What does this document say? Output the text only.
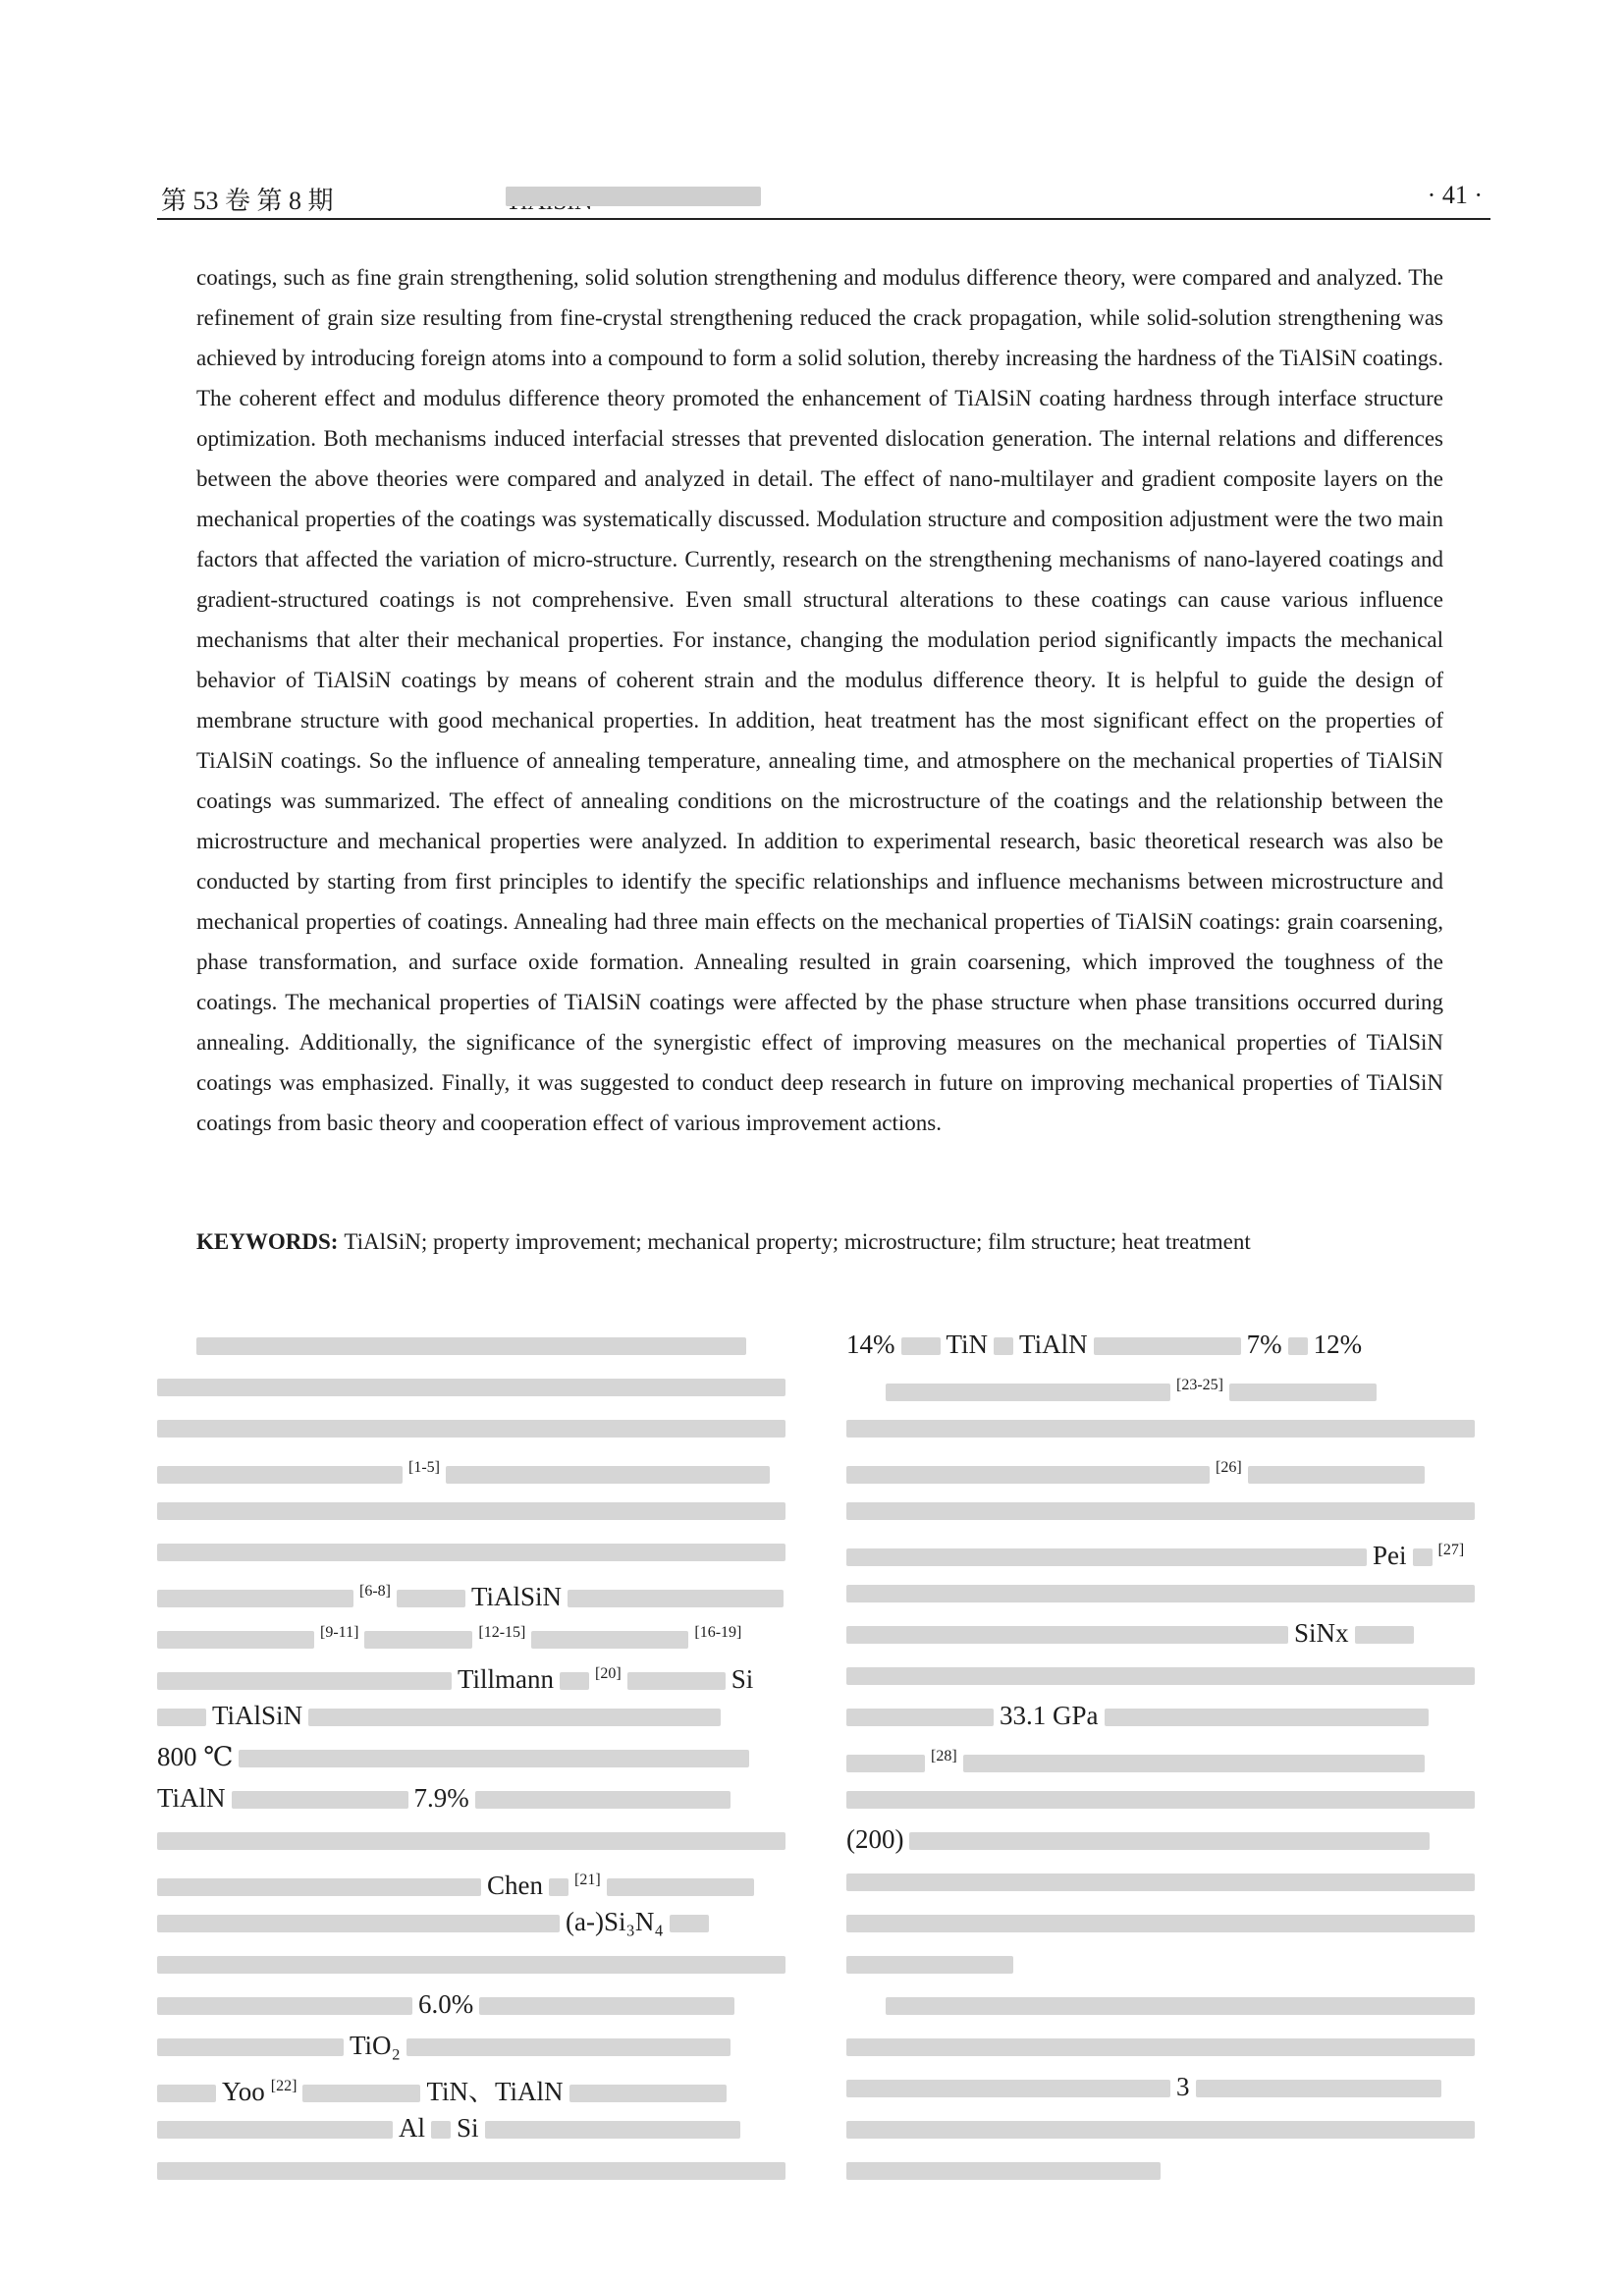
第 53 卷 第 8 期	· 41 ·
coatings, such as fine grain strengthening, solid solution strengthening and modulus difference theory, were compared and analyzed. The refinement of grain size resulting from fine-crystal strengthening reduced the crack propagation, while solid-solution strengthening was achieved by introducing foreign atoms into a compound to form a solid solution, thereby increasing the hardness of the TiAlSiN coatings. The coherent effect and modulus difference theory promoted the enhancement of TiAlSiN coating hardness through interface structure optimization. Both mechanisms induced interfacial stresses that prevented dislocation generation. The internal relations and differences between the above theories were compared and analyzed in detail. The effect of nano-multilayer and gradient composite layers on the mechanical properties of the coatings was systematically discussed. Modulation structure and composition adjustment were the two main factors that affected the variation of micro-structure. Currently, research on the strengthening mechanisms of nano-layered coatings and gradient-structured coatings is not comprehensive. Even small structural alterations to these coatings can cause various influence mechanisms that alter their mechanical properties. For instance, changing the modulation period significantly impacts the mechanical behavior of TiAlSiN coatings by means of coherent strain and the modulus difference theory. It is helpful to guide the design of membrane structure with good mechanical properties. In addition, heat treatment has the most significant effect on the properties of TiAlSiN coatings. So the influence of annealing temperature, annealing time, and atmosphere on the mechanical properties of TiAlSiN coatings was summarized. The effect of annealing conditions on the microstructure of the coatings and the relationship between the microstructure and mechanical properties were analyzed. In addition to experimental research, basic theoretical research was also be conducted by starting from first principles to identify the specific relationships and influence mechanisms between microstructure and mechanical properties of coatings. Annealing had three main effects on the mechanical properties of TiAlSiN coatings: grain coarsening, phase transformation, and surface oxide formation. Annealing resulted in grain coarsening, which improved the toughness of the coatings. The mechanical properties of TiAlSiN coatings were affected by the phase structure when phase transitions occurred during annealing. Additionally, the significance of the synergistic effect of improving measures on the mechanical properties of TiAlSiN coatings was emphasized. Finally, it was suggested to conduct deep research in future on improving mechanical properties of TiAlSiN coatings from basic theory and cooperation effect of various improvement actions.
KEYWORDS: TiAlSiN; property improvement; mechanical property; microstructure; film structure; heat treatment
[1-5]
[6-8]	TiAlSiN
[9-11]	[12-15]	[16-19]
Tillmann	[20]	Si
TiAlSiN
800 ℃
TiAlN	7.9%
Chen [21]
(a-)Si₃N₄
6.0%
TiO₂
Yoo [22]	TiN、TiAlN
Al Si
14% TiN TiAlN	7% 12%
[23-25]
[26]
Pei [27]
SiNx
33.1 GPa
[28]
(200)
3
